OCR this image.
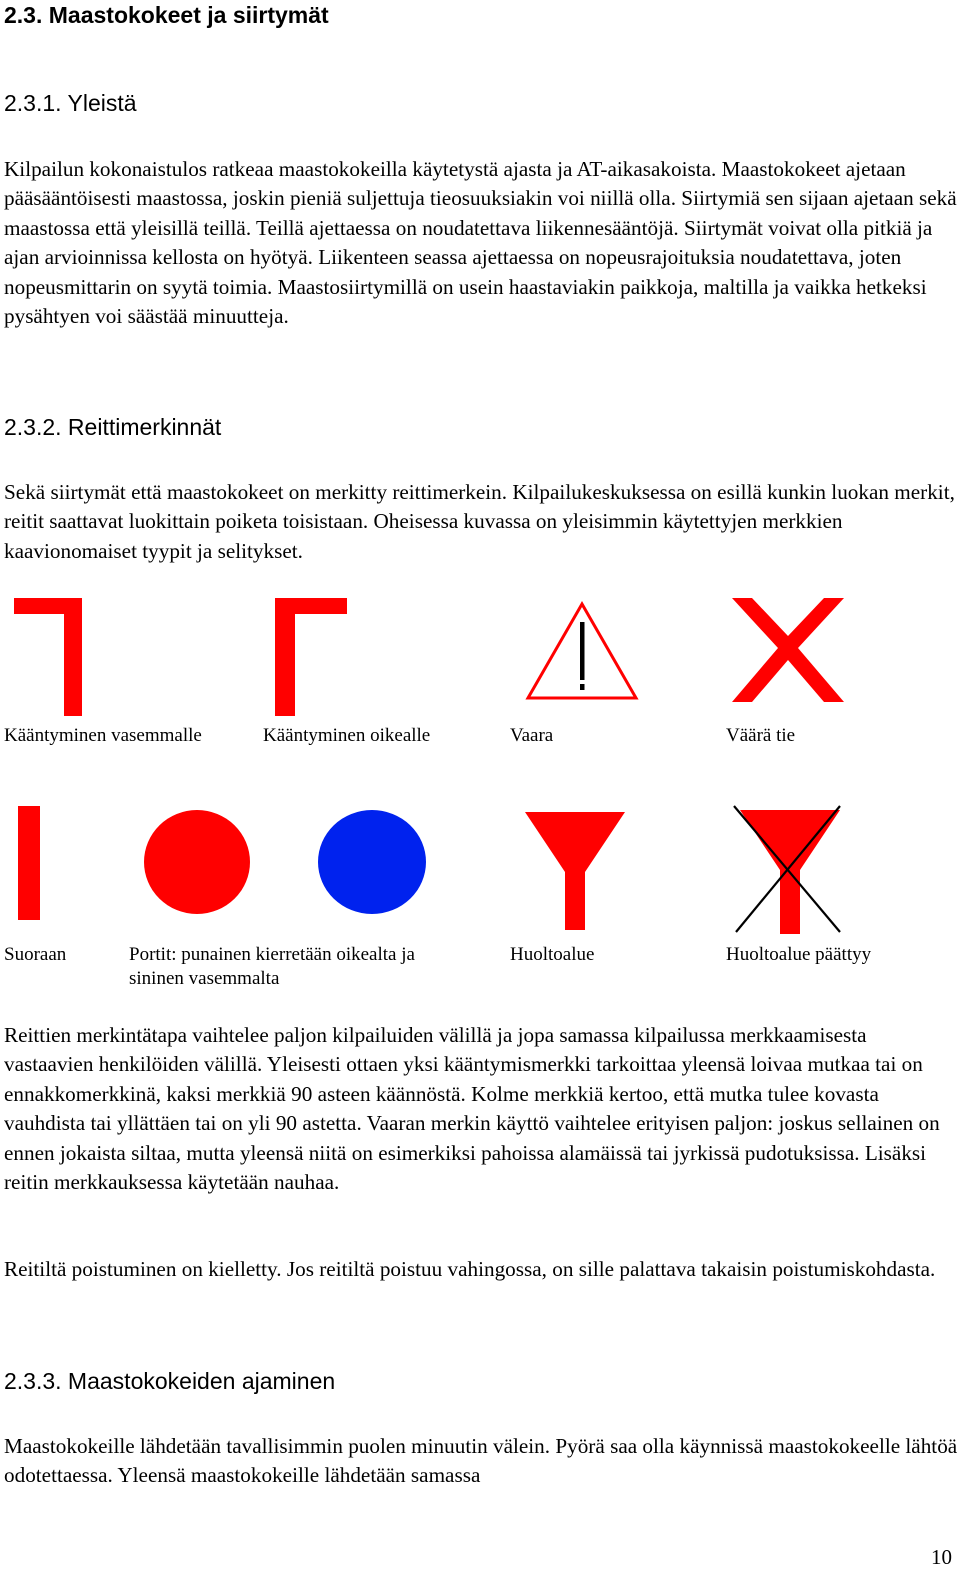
2.3. Maastokokeet ja siirtymät
2.3.1. Yleistä

Kilpailun kokonaistulos ratkeaa maastokokeilla käytetystä ajasta ja AT-aikasakoista. Maastokokeet ajetaan pääsääntöisesti maastossa, joskin pieniä suljettuja tieosuuksiakin voi niillä olla. Siirtymiä sen sijaan ajetaan sekä maastossa että yleisillä teillä. Teillä ajettaessa on noudatettava liikennesääntöjä. Siirtymät voivat olla pitkiä ja ajan arvioinnissa kellosta on hyötyä. Liikenteen seassa ajettaessa on nopeusrajoituksia noudatettava, joten nopeusmittarin on syytä toimia. Maastosiirtymillä on usein haastaviakin paikkoja, maltilla ja vaikka hetkeksi pysähtyen voi säästää minuutteja.

2.3.2. Reittimerkinnät

Sekä siirtymät että maastokokeet on merkitty reittimerkein. Kilpailukeskuksessa on esillä kunkin luokan merkit, reitit saattavat luokittain poiketa toisistaan. Oheisessa kuvassa on yleisimmin käytettyjen merkkien kaavionomaiset tyypit ja selitykset.

Kääntyminen vasemmalle	Kääntyminen oikealle	Vaara	Väärä tie

Suoraan	Portit: punainen kierretään oikealta ja

sininen vasemmalta

Huoltoalue	Huoltoalue päättyy

Reittien merkintätapa vaihtelee paljon kilpailuiden välillä ja jopa samassa kilpailussa merkkaamisesta vastaavien henkilöiden välillä. Yleisesti ottaen yksi kääntymismerkki tarkoittaa yleensä loivaa mutkaa tai on ennakkomerkkinä, kaksi merkkiä 90 asteen käännöstä. Kolme merkkiä kertoo, että mutka tulee kovasta vauhdista tai yllättäen tai on yli 90 astetta. Vaaran merkin käyttö vaihtelee erityisen paljon: joskus sellainen on ennen jokaista siltaa, mutta yleensä niitä on esimerkiksi pahoissa alamäissä tai jyrkissä pudotuksissa. Lisäksi reitin merkkauksessa käytetään nauhaa.

Reitiltä poistuminen on kielletty. Jos reitiltä poistuu vahingossa, on sille palattava takaisin poistumiskohdasta.

2.3.3. Maastokokeiden ajaminen

Maastokokeille lähdetään tavallisimmin puolen minuutin välein. Pyörä saa olla käynnissä maastokokeelle lähtöä odotettaessa. Yleensä maastokokeille lähdetään samassa

10
